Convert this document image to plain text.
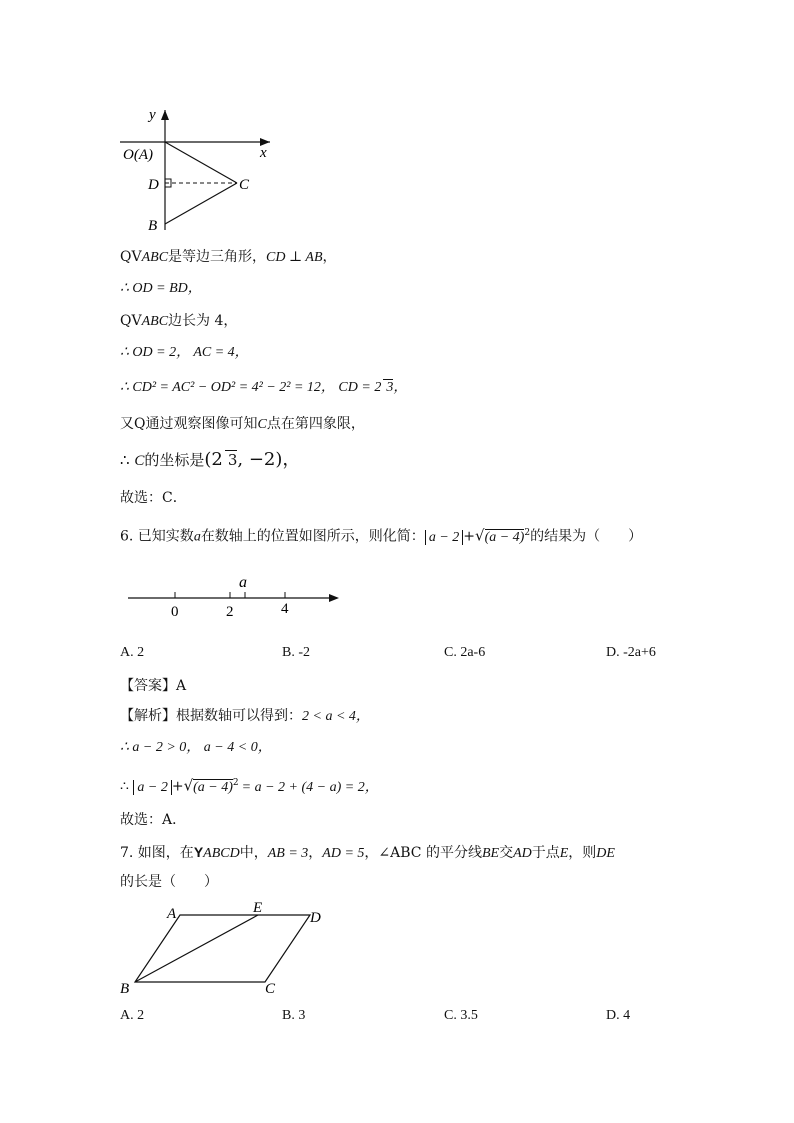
y
x
O(A)
D	C
B
QVABC是等边三角形，CD ⊥ AB，
∴ OD = BD，
QVABC边长为 4，
∴ OD = 2， AC = 4，
∴ CD² = AC² − OD² = 4² − 2² = 12， CD = 2 3，
又Q通过观察图像可知C点在第四象限，
∴ C的坐标是(2 3, −2)，
故选：C．
6. 已知实数a在数轴上的位置如图所示，则化简： $a - 2 +√(a - 4)^2$的结果为（　　）
0	2	4
a
A. 2	B. -2	C. 2a-6	D. -2a+6
【答案】A
【解析】根据数轴可以得到：2 < a < 4，
∴ a − 2 > 0， a − 4 < 0，
∴ $a - 2 +√(a - 4)^2 = a - 2 + (4 - a) = 2$，
故选：A．
7. 如图，在YABCD中，AB = 3，AD = 5，∠ABC 的平分线BE交AD于点E，则DE
的长是（　　）
A	E
D
B	C
A. 2	B. 3	C. 3.5	D. 4
